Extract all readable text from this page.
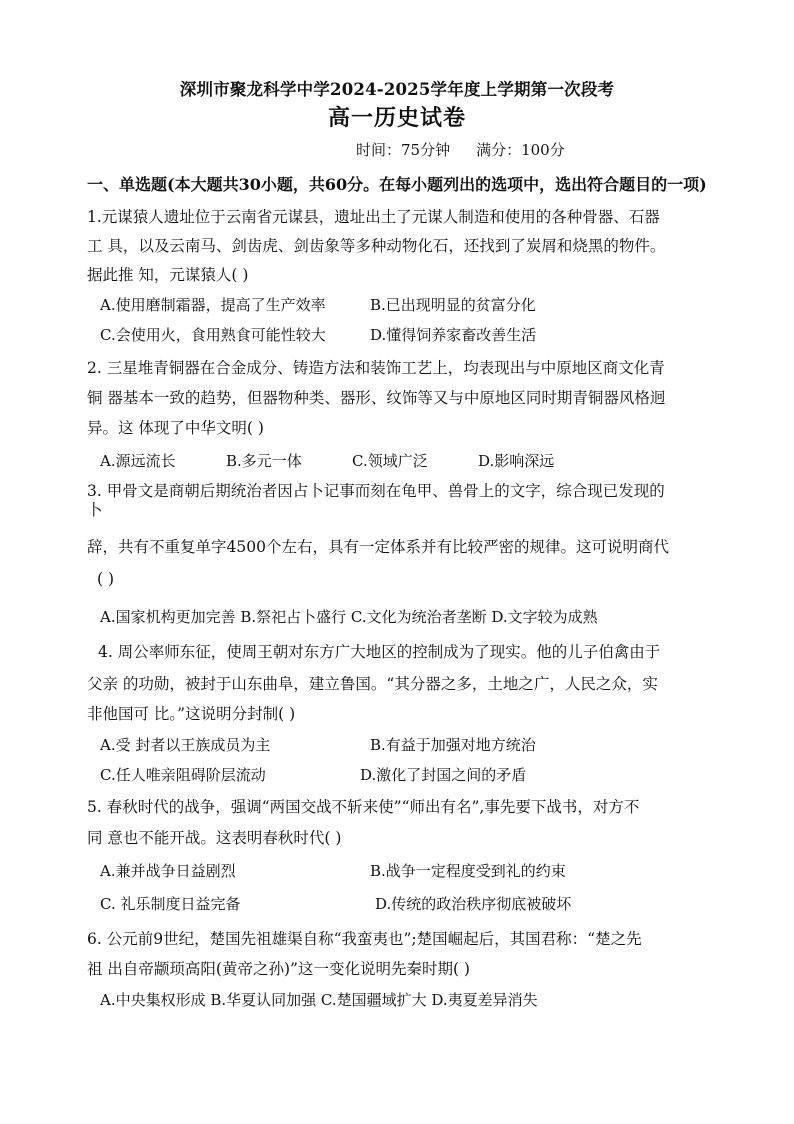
深圳市聚龙科学中学2024-2025学年度上学期第一次段考
高一历史试卷
时间：75分钟 满分：100分
一、单选题(本大题共30小题，共60分。在每小题列出的选项中，选出符合题目的一项)
1.元谋猿人遗址位于云南省元谋县，遗址出土了元谋人制造和使用的各种骨器、石器
工 具，以及云南马、剑齿虎、剑齿象等多种动物化石，还找到了炭屑和烧黑的物件。
据此推 知，元谋猿人( )
A.使用磨制霜器，提高了生产效率	B.已出现明显的贫富分化
C.会使用火，食用熟食可能性较大	D.懂得饲养家畜改善生活
2. 三星堆青铜器在合金成分、铸造方法和装饰工艺上，均表现出与中原地区商文化青
铜 器基本一致的趋势，但器物种类、器形、纹饰等又与中原地区同时期青铜器风格迥
异。这 体现了中华文明( )
A.源远流长	B.多元一体	C.领域广泛	D.影响深远
3. 甲骨文是商朝后期统治者因占卜记事而刻在龟甲、兽骨上的文字，综合现已发现的
卜
辞，共有不重复单字4500个左右，具有一定体系并有比较严密的规律。这可说明商代
( )
A.国家机构更加完善 B.祭祀占卜盛行 C.文化为统治者垄断 D.文字较为成熟
4. 周公率师东征，使周王朝对东方广大地区的控制成为了现实。他的儿子伯禽由于
父亲 的功勋，被封于山东曲阜，建立鲁国。“其分器之多，土地之广，人民之众，实
非他国可 比。”这说明分封制( )
A.受 封者以王族成员为主	B.有益于加强对地方统治
C.任人唯亲阻碍阶层流动	D.激化了封国之间的矛盾
5. 春秋时代的战争，强调“两国交战不斩来使”“师出有名”,事先要下战书，对方不
同 意也不能开战。这表明春秋时代( )
A.兼并战争日益剧烈	B.战争一定程度受到礼的约束
C. 礼乐制度日益完备	D.传统的政治秩序彻底被破坏
6. 公元前9世纪，楚国先祖雄渠自称“我蛮夷也”;楚国崛起后，其国君称：“楚之先
祖 出自帝颛顼高阳(黄帝之孙)”这一变化说明先秦时期( )
A.中央集权形成 B.华夏认同加强 C.楚国疆域扩大 D.夷夏差异消失
